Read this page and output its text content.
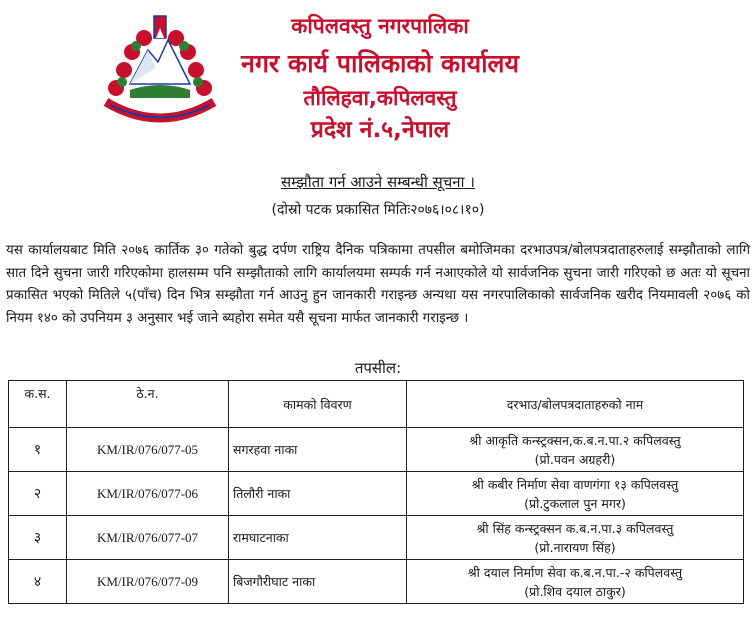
कपिलवस्तु नगरपालिका
नगर कार्य पालिकाको कार्यालय
तौलिहवा,कपिलवस्तु
प्रदेश नं.५,नेपाल
सम्झौता गर्न आउने सम्बन्धी सूचना ।
(दोस्रो पटक प्रकासित मितिः२०७६।०८।१०)
यस कार्यालयबाट मिति २०७६ कार्तिक ३० गतेको बुद्ध दर्पण राष्ट्रिय दैनिक पत्रिकामा तपसील बमोजिमका दरभाउपत्र/बोलपत्रदाताहरुलाई सम्झौताको लागि सात दिने सुचना जारी गरिएकोमा हालसम्म पनि सम्झौताको लागि कार्यालयमा सम्पर्क गर्न नआएकोले यो सार्वजनिक सुचना जारी गरिएको छ अतः यो सूचना प्रकासित भएको मितिले ५(पाँच) दिन भित्र सम्झौता गर्न आउनु हुन जानकारी गराइन्छ अन्यथा यस नगरपालिकाको सार्वजनिक खरीद नियमावली २०७६ को नियम १४० को उपनियम ३ अनुसार भई जाने ब्यहोरा समेत यसै सूचना मार्फत जानकारी गराइन्छ ।
तपसील:
क.स.	ठे.न.	कामको विवरण	दरभाउ/बोलपत्रदाताहरुको नाम
१	KM/IR/076/077-05	सगरहवा नाका	श्री आकृति कन्स्ट्रक्सन,क.ब.न.पा.२ कपिलवस्तु
(प्रो.पवन अग्रहरी)

२	KM/IR/076/077-06	तिलौरी नाका	श्री कबीर निर्माण सेवा वाणगंगा १३ कपिलवस्तु
(प्रो.टुकलाल पुन मगर)

३	KM/IR/076/077-07	रामघाटनाका	श्री सिंह कन्स्ट्रक्सन क.ब.न.पा.३ कपिलवस्तु
(प्रो.नारायण सिंह)

४	KM/IR/076/077-09	बिजगौरीघाट नाका	श्री दयाल निर्माण सेवा क.ब.न.पा.-२ कपिलवस्तु
(प्रो.शिव दयाल ठाकुर)
